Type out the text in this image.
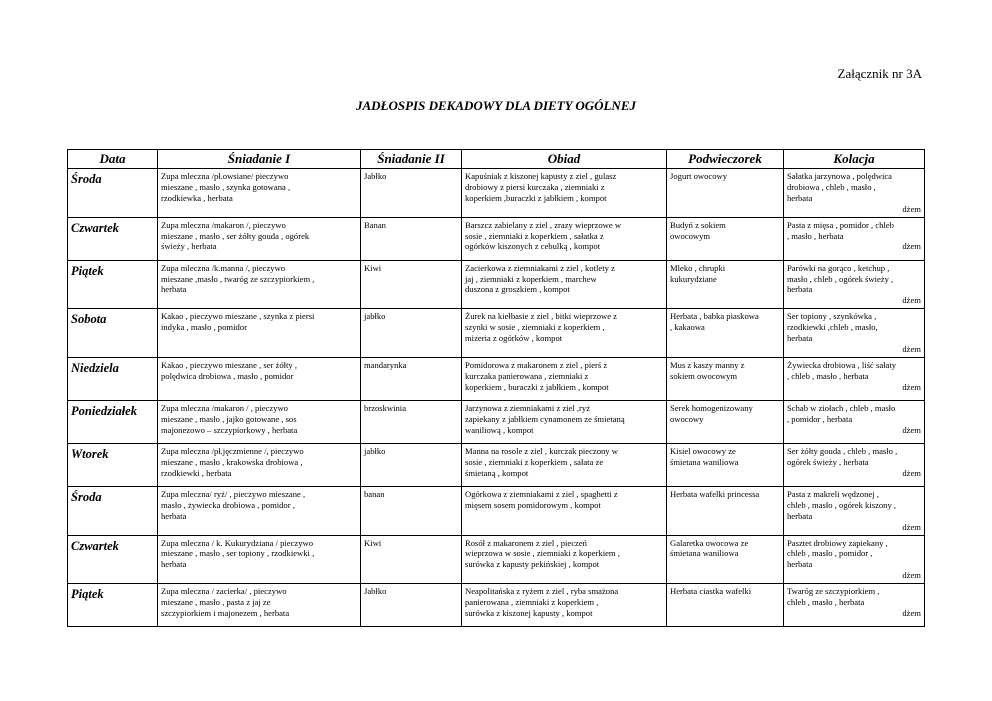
Załącznik nr 3A
JADŁOSPIS DEKADOWY DLA DIETY OGÓLNEJ
Data	Śniadanie I	Śniadanie II	Obiad	Podwieczorek	Kolacja
Środa	Zupa mleczna /pł.owsiane/ pieczywo
mieszane , masło , szynka gotowana ,
rzodkiewka , herbata	Jabłko	Kapuśniak z kiszonej kapusty z ziel , gulasz
drobiowy z piersi kurczaka , ziemniaki z
koperkiem ,buraczki z jabłkiem , kompot	Jogurt owocowy	Sałatka jarzynowa , polędwica
drobiowa , chleb , masło ,
herbata
dżem

Czwartek	Zupa mleczna /makaron /, pieczywo
mieszane , masło , ser żółty gouda , ogórek
świeży , herbata	Banan	Barszcz zabielany z ziel , zrazy wieprzowe w
sosie , ziemniaki z koperkiem , sałatka z
ogórków kiszonych z cebulką , kompot	Budyń z sokiem
owocowym	Pasta z mięsa , pomidor , chleb
, masło , herbata
dżem

Piątek	Zupa mleczna /k.manna /, pieczywo
mieszane ,masło , twaróg ze szczypiorkiem ,
herbata	Kiwi	Zacierkowa z ziemniakami z ziel , kotlety z
jaj , ziemniaki z koperkiem , marchew
duszona z groszkiem , kompot	Mleko , chrupki
kukurydziane	Parówki na gorąco , ketchup ,
masło , chleb , ogórek świeży ,
herbata
dżem

Sobota	Kakao , pieczywo mieszane , szynka z piersi
indyka , masło , pomidor	jabłko	Żurek na kiełbasie z ziel , bitki wieprzowe z
szynki w sosie , ziemniaki z koperkiem ,
mizeria z ogórków , kompot	Herbata , babka piaskowa
, kakaowa	Ser topiony , szynkówka ,
rzodkiewki ,chleb , masło,
herbata
dżem

Niedziela	Kakao , pieczywo mieszane , ser żółty ,
polędwica drobiowa , masło , pomidor	mandarynka	Pomidorowa z makaronem z ziel , pierś z
kurczaka panierowana , ziemniaki z
koperkiem , buraczki z jabłkiem , kompot	Mus z kaszy manny z
sokiem owocowym	Żywiecka drobiowa , liść sałaty
, chleb , masło , herbata
dżem

Poniedziałek	Zupa mleczna /makaron / , pieczywo
mieszane , masło , jajko gotowane , sos
majonezowo – szczypiorkowy , herbata	brzoskwinia	Jarzynowa z ziemniakami z ziel ,ryż
zapiekany z jabłkiem cynamonem ze śmietaną
waniliową , kompot	Serek homogenizowany
owocowy	Schab w ziołach , chleb , masło
, pomidor , herbata
dżem

Wtorek	Zupa mleczna /pł.jęczmienne /, pieczywo
mieszane , masło , krakowska drobiowa ,
rzodkiewki , herbata	jabłko	Manna na rosole z ziel , kurczak pieczony w
sosie , ziemniaki z koperkiem , sałata ze
śmietaną , kompot	Kisiel owocowy ze
śmietana waniliowa	Ser żółty gouda , chleb , masło ,
ogórek świeży , herbata
dżem

Środa	Zupa mleczna/ ryż/ , pieczywo mieszane ,
masło , żywiecka drobiowa , pomidor ,
herbata	banan	Ogórkowa z ziemniakami z ziel , spaghetti z
mięsem sosem pomidorowym , kompot	Herbata wafelki princessa	Pasta z makreli wędzonej ,
chleb , masło , ogórek kiszony ,
herbata
dżem

Czwartek	Zupa mleczna / k. Kukurydziana / pieczywo
mieszane , masło , ser topiony , rzodkiewki ,
herbata	Kiwi	Rosół z makaronem z ziel , pieczeń
wieprzowa w sosie , ziemniaki z koperkiem ,
surówka z kapusty pekińskiej , kompot	Galaretka owocowa ze
śmietana waniliowa	Pasztet drobiowy zapiekany ,
chleb , masło , pomidor ,
herbata
dżem

Piątek	Zupa mleczna / zacierka/ , pieczywo
mieszane , masło , pasta z jaj ze
szczypiorkiem i majonezem , herbata	Jabłko	Neapolitańska z ryżem z ziel , ryba smażona
panierowana , ziemniaki z koperkiem ,
surówka z kiszonej kapusty , kompot	Herbata ciastka wafelki	Twaróg ze szczypiorkiem ,
chleb , masło , herbata
dżem
